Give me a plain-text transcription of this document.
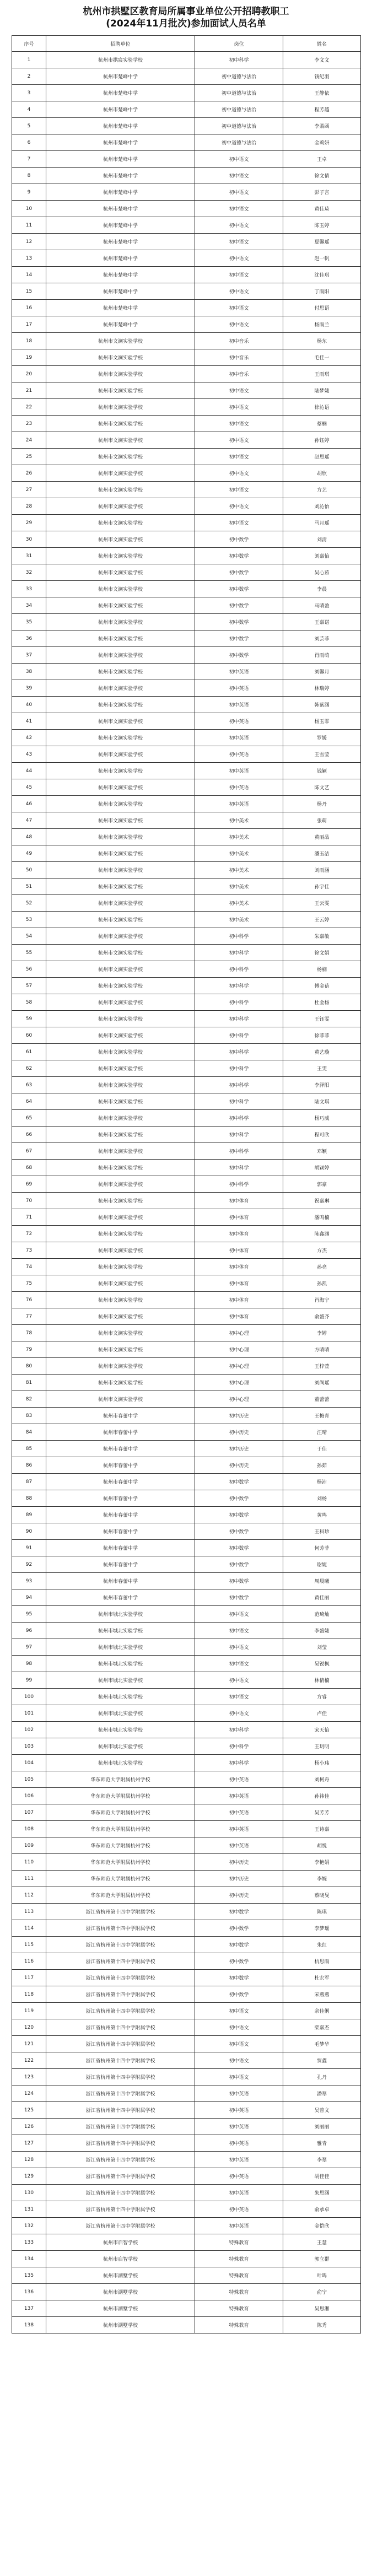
杭州市拱墅区教育局所属事业单位公开招聘教职工
(2024年11月批次)参加面试人员名单
序号	招聘单位	岗位	姓名
1	杭州市拱宸实验学校	初中科学	李文文
2	杭州市楚峰中学	初中道德与法治	钱纪羽
3	杭州市楚峰中学	初中道德与法治	王静依
4	杭州市楚峰中学	初中道德与法治	程芳越
5	杭州市楚峰中学	初中道德与法治	李柔函
6	杭州市楚峰中学	初中道德与法治	金莉妍
7	杭州市楚峰中学	初中语文	王卓
8	杭州市楚峰中学	初中语文	徐文倩
9	杭州市楚峰中学	初中语文	彭子言
10	杭州市楚峰中学	初中语文	黄佳琦
11	杭州市楚峰中学	初中语文	陈玉婷
12	杭州市楚峰中学	初中语文	夏馨瑶
13	杭州市楚峰中学	初中语文	赵一帆
14	杭州市楚峰中学	初中语文	沈佳琪
15	杭州市楚峰中学	初中语文	丁雨阳
16	杭州市楚峰中学	初中语文	付思语
17	杭州市楚峰中学	初中语文	杨雨兰
18	杭州市文澜实验学校	初中音乐	杨东
19	杭州市文澜实验学校	初中音乐	毛佳一
20	杭州市文澜实验学校	初中音乐	王雨琪
21	杭州市文澜实验学校	初中语文	陆梦婕
22	杭州市文澜实验学校	初中语文	徐沁语
23	杭州市文澜实验学校	初中语文	蔡楠
24	杭州市文澜实验学校	初中语文	孙钰婷
25	杭州市文澜实验学校	初中语文	赵思瑶
26	杭州市文澜实验学校	初中语文	胡欣
27	杭州市文澜实验学校	初中语文	方艺
28	杭州市文澜实验学校	初中语文	刘沁怡
29	杭州市文澜实验学校	初中语文	马月瑶
30	杭州市文澜实验学校	初中数学	刘清
31	杭州市文澜实验学校	初中数学	刘嘉怡
32	杭州市文澜实验学校	初中数学	吴心茹
33	杭州市文澜实验学校	初中数学	李晨
34	杭州市文澜实验学校	初中数学	马晴盈
35	杭州市文澜实验学校	初中数学	王嘉诺
36	杭州市文澜实验学校	初中数学	刘芸菲
37	杭州市文澜实验学校	初中数学	肖雨萌
38	杭州市文澜实验学校	初中英语	刘馨月
39	杭州市文澜实验学校	初中英语	林瑞婷
40	杭州市文澜实验学校	初中英语	韩紫涵
41	杭州市文澜实验学校	初中英语	杨玉霏
42	杭州市文澜实验学校	初中英语	罗媛
43	杭州市文澜实验学校	初中英语	王雪莹
44	杭州市文澜实验学校	初中英语	钱颖
45	杭州市文澜实验学校	初中英语	陈文艺
46	杭州市文澜实验学校	初中英语	杨丹
47	杭州市文澜实验学校	初中美术	张萌
48	杭州市文澜实验学校	初中美术	黄丽晶
49	杭州市文澜实验学校	初中美术	潘玉洁
50	杭州市文澜实验学校	初中美术	刘雨涵
51	杭州市文澜实验学校	初中美术	孙宇佳
52	杭州市文澜实验学校	初中美术	王云雯
53	杭州市文澜实验学校	初中美术	王云婷
54	杭州市文澜实验学校	初中科学	朱嘉敏
55	杭州市文澜实验学校	初中科学	徐文娟
56	杭州市文澜实验学校	初中科学	杨楠
57	杭州市文澜实验学校	初中科学	傅金蓓
58	杭州市文澜实验学校	初中科学	杜金杨
59	杭州市文澜实验学校	初中科学	王钰雯
60	杭州市文澜实验学校	初中科学	徐菲菲
61	杭州市文澜实验学校	初中科学	黄艺璇
62	杭州市文澜实验学校	初中科学	王雯
63	杭州市文澜实验学校	初中科学	李泽阳
64	杭州市文澜实验学校	初中科学	陆文琪
65	杭州市文澜实验学校	初中科学	杨巧威
66	杭州市文澜实验学校	初中科学	程可欣
67	杭州市文澜实验学校	初中科学	邓颖
68	杭州市文澜实验学校	初中科学	胡颖婷
69	杭州市文澜实验学校	初中科学	郭豪
70	杭州市文澜实验学校	初中体育	祝嘉琳
71	杭州市文澜实验学校	初中体育	潘鸣楠
72	杭州市文澜实验学校	初中体育	陈鑫渊
73	杭州市文澜实验学校	初中体育	方杰
74	杭州市文澜实验学校	初中体育	孙亮
75	杭州市文澜实验学校	初中体育	孙凯
76	杭州市文澜实验学校	初中体育	肖海宁
77	杭州市文澜实验学校	初中体育	俞盛齐
78	杭州市文澜实验学校	初中心理	李婷
79	杭州市文澜实验学校	初中心理	方晴晴
80	杭州市文澜实验学校	初中心理	王梓萱
81	杭州市文澜实验学校	初中心理	刘尚瑶
82	杭州市文澜实验学校	初中心理	董蕾蕾
83	杭州市春蕾中学	初中历史	王梅青
84	杭州市春蕾中学	初中历史	汪晴
85	杭州市春蕾中学	初中历史	于佳
86	杭州市春蕾中学	初中历史	孙茹
87	杭州市春蕾中学	初中数学	杨沛
88	杭州市春蕾中学	初中数学	刘杨
89	杭州市春蕾中学	初中数学	黄鸣
90	杭州市春蕾中学	初中数学	王科珍
91	杭州市春蕾中学	初中数学	何芳菲
92	杭州市春蕾中学	初中数学	谢婕
93	杭州市春蕾中学	初中数学	周晨曦
94	杭州市春蕾中学	初中数学	黄佳丽
95	杭州市城北实验学校	初中语文	范琦灿
96	杭州市城北实验学校	初中语文	李盛婕
97	杭州市城北实验学校	初中语文	刘莹
98	杭州市城北实验学校	初中语文	吴锐枫
99	杭州市城北实验学校	初中语文	林倩楠
100	杭州市城北实验学校	初中语文	方睿
101	杭州市城北实验学校	初中语文	卢佳
102	杭州市城北实验学校	初中科学	宋天怡
103	杭州市城北实验学校	初中科学	王玥明
104	杭州市城北实验学校	初中科学	杨小玮
105	华东师范大学附属杭州学校	初中英语	刘柯舟
106	华东师范大学附属杭州学校	初中英语	孙祎佳
107	华东师范大学附属杭州学校	初中英语	吴芳芳
108	华东师范大学附属杭州学校	初中英语	王诗嘉
109	华东师范大学附属杭州学校	初中英语	胡悦
110	华东师范大学附属杭州学校	初中历史	李艳娟
111	华东师范大学附属杭州学校	初中历史	李婉
112	华东师范大学附属杭州学校	初中历史	蔡晓旻
113	浙江省杭州第十四中学附属学校	初中数学	陈琪
114	浙江省杭州第十四中学附属学校	初中数学	李梦瑶
115	浙江省杭州第十四中学附属学校	初中数学	朱红
116	浙江省杭州第十四中学附属学校	初中数学	杭思雨
117	浙江省杭州第十四中学附属学校	初中数学	杜宏军
118	浙江省杭州第十四中学附属学校	初中数学	宋燕燕
119	浙江省杭州第十四中学附属学校	初中语文	余佳俐
120	浙江省杭州第十四中学附属学校	初中语文	柴嘉杰
121	浙江省杭州第十四中学附属学校	初中语文	毛梦华
122	浙江省杭州第十四中学附属学校	初中语文	贾鑫
123	浙江省杭州第十四中学附属学校	初中语文	孔丹
124	浙江省杭州第十四中学附属学校	初中英语	潘翠
125	浙江省杭州第十四中学附属学校	初中英语	吴曾文
126	浙江省杭州第十四中学附属学校	初中英语	刘丽丽
127	浙江省杭州第十四中学附属学校	初中英语	雅青
128	浙江省杭州第十四中学附属学校	初中英语	李翠
129	浙江省杭州第十四中学附属学校	初中英语	胡佳佳
130	浙江省杭州第十四中学附属学校	初中英语	朱思涵
131	浙江省杭州第十四中学附属学校	初中英语	俞承卓
132	浙江省杭州第十四中学附属学校	初中英语	金恺欣
133	杭州市启智学校	特殊教育	王慧
134	杭州市启智学校	特殊教育	郭立群
135	杭州市湖墅学校	特殊教育	叶鸣
136	杭州市湖墅学校	特殊教育	俞宁
137	杭州市湖墅学校	特殊教育	吴思湘
138	杭州市湖墅学校	特殊教育	陈秀
